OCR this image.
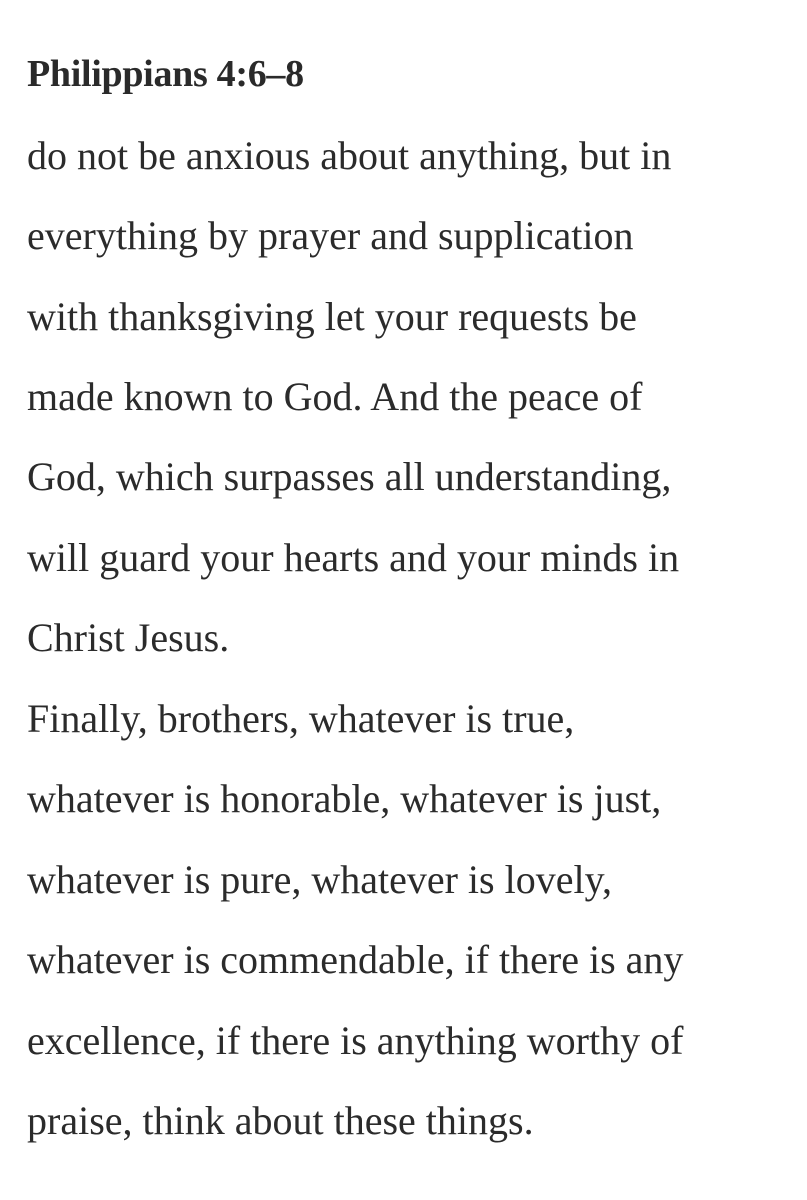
Philippians 4:6–8

do not be anxious about anything, but in

everything by prayer and supplication

with thanksgiving let your requests be

made known to God. And the peace of

God, which surpasses all understanding,

will guard your hearts and your minds in

Christ Jesus.

Finally, brothers, whatever is true,

whatever is honorable, whatever is just,

whatever is pure, whatever is lovely,

whatever is commendable, if there is any

excellence, if there is anything worthy of

praise, think about these things.
